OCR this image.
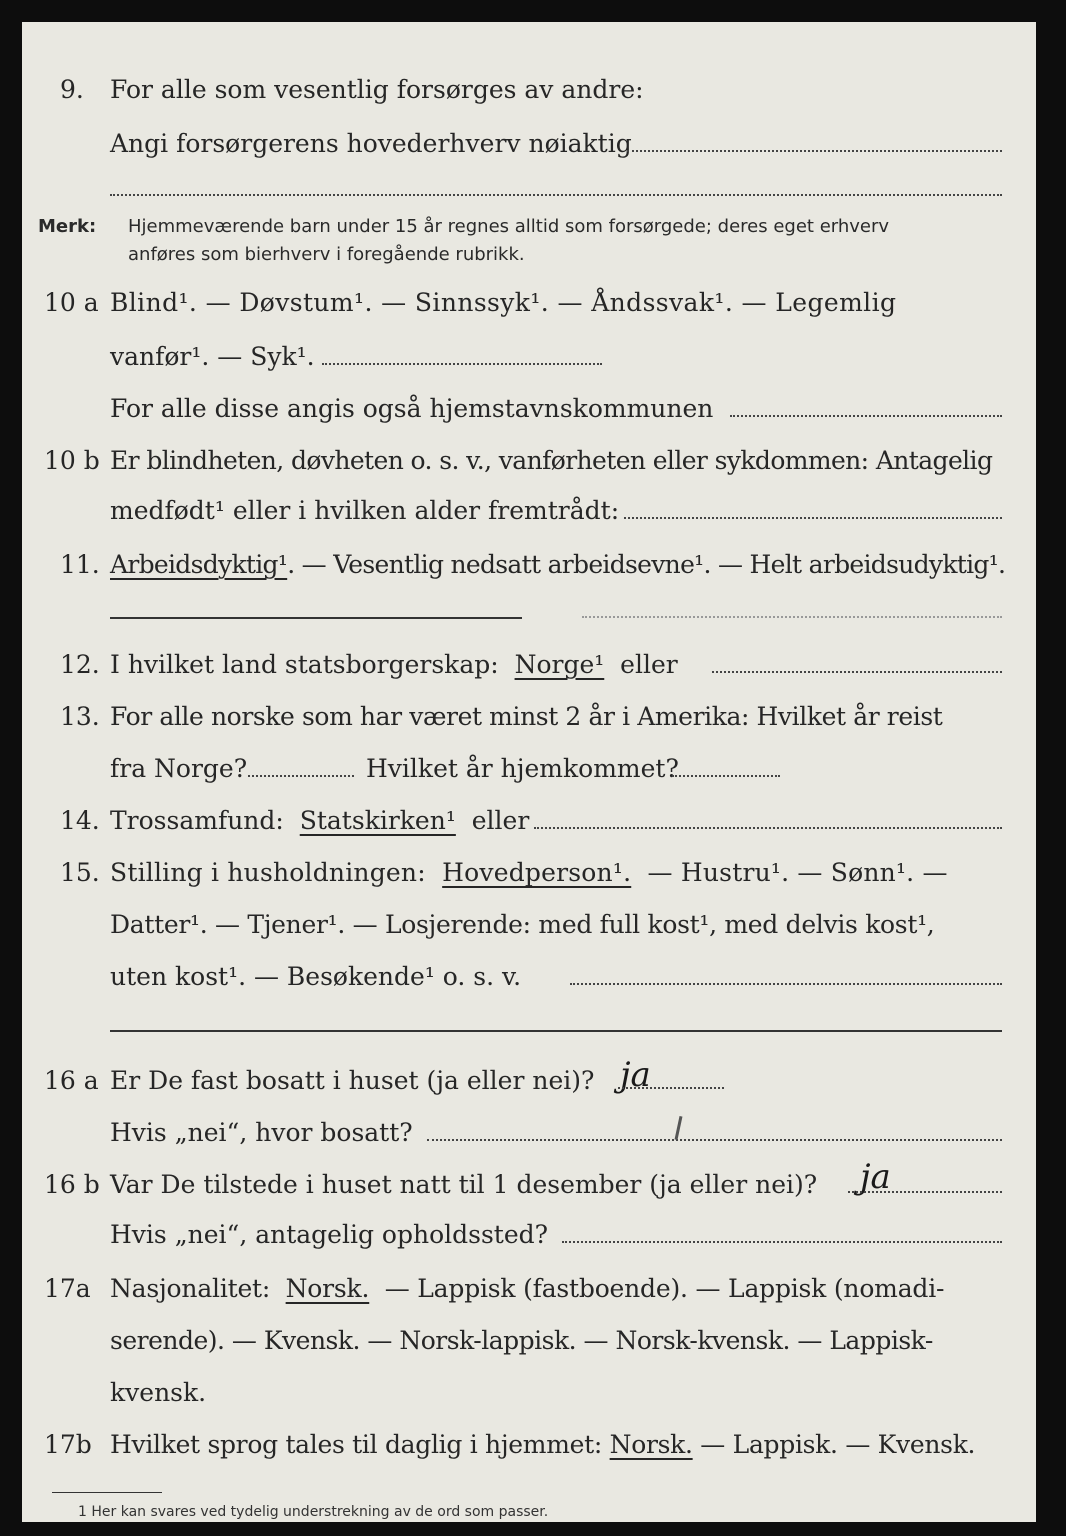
9. For alle som vesentlig forsørges av andre:
Angi forsørgerens hovederhverv nøiaktig
Merk: Hjemmeværende barn under 15 år regnes alltid som forsørgede; deres eget erhverv
anføres som bierhverv i foregående rubrikk.
10 a Blind¹. — Døvstum¹. — Sinnssyk¹. — Åndssvak¹. — Legemlig
vanfør¹. — Syk¹.
For alle disse angis også hjemstavnskommunen
10 b Er blindheten, døvheten o. s. v., vanførheten eller sykdommen: Antagelig
medfødt¹ eller i hvilken alder fremtrådt:
11. Arbeidsdyktig¹. — Vesentlig nedsatt arbeidsevne¹. — Helt arbeidsudyktig¹.
12. I hvilket land statsborgerskap: Norge¹ eller
13. For alle norske som har været minst 2 år i Amerika: Hvilket år reist
fra Norge?	Hvilket år hjemkommet?
14. Trossamfund: Statskirken¹ eller
15. Stilling i husholdningen: Hovedperson¹. — Hustru¹. — Sønn¹. —
Datter¹. — Tjener¹. — Losjerende: med full kost¹, med delvis kost¹,
uten kost¹. — Besøkende¹ o. s. v.
16 a Er De fast bosatt i huset (ja eller nei)? ja
Hvis „nei“, hvor bosatt?
16 b Var De tilstede i huset natt til 1 desember (ja eller nei)? ja
Hvis „nei“, antagelig opholdssted?
17a Nasjonalitet: Norsk. — Lappisk (fastboende). — Lappisk (nomadi-
serende). — Kvensk. — Norsk-lappisk. — Norsk-kvensk. — Lappisk-
kvensk.
17b Hvilket sprog tales til daglig i hjemmet: Norsk. — Lappisk. — Kvensk.
1 Her kan svares ved tydelig understrekning av de ord som passer.
